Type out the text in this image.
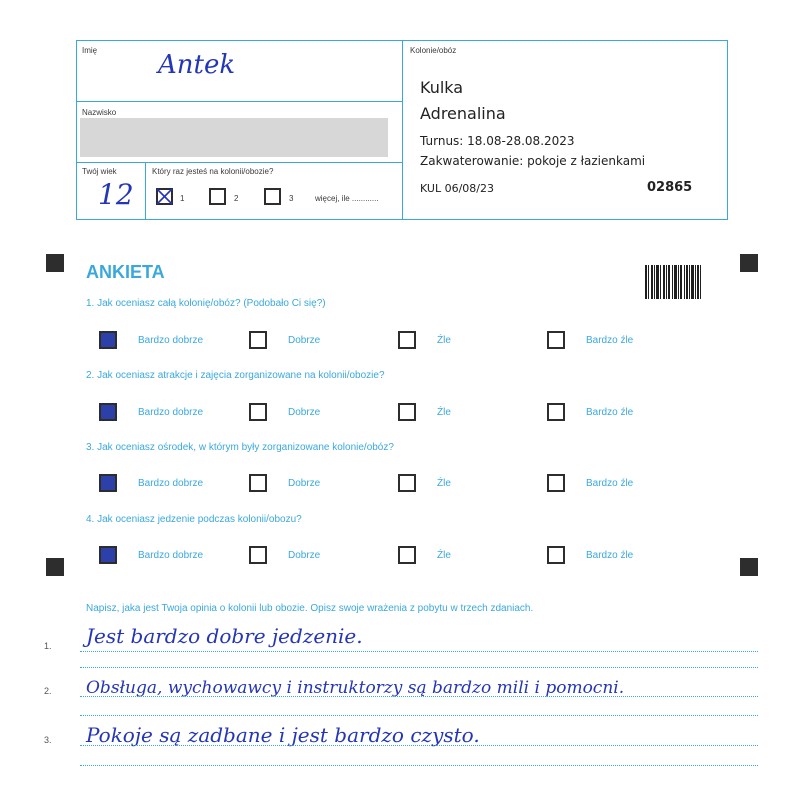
Imię Antek
Nazwisko
Twój wiek
12
Który raz jesteś na kolonii/obozie?
1	2	3	więcej, ile ............
Kolonie/obóz
Kulka
Adrenalina
Turnus: 18.08-28.08.2023
Zakwaterowanie: pokoje z łazienkami
KUL 06/08/23	02865
ANKIETA
1. Jak oceniasz całą kolonię/obóz? (Podobało Ci się?)
Bardzo dobrze	Dobrze	Źle	Bardzo źle
2. Jak oceniasz atrakcje i zajęcia zorganizowane na kolonii/obozie?
Bardzo dobrze	Dobrze	Źle	Bardzo źle
3. Jak oceniasz ośrodek, w którym były zorganizowane kolonie/obóz?
Bardzo dobrze	Dobrze	Źle	Bardzo źle
4. Jak oceniasz jedzenie podczas kolonii/obozu?
Bardzo dobrze	Dobrze	Źle	Bardzo źle
Napisz, jaka jest Twoja opinia o kolonii lub obozie. Opisz swoje wrażenia z pobytu w trzech zdaniach.
1. Jest bardzo dobre jedzenie.
2. Obsługa, wychowawcy i instruktorzy są bardzo mili i pomocni.
3. Pokoje są zadbane i jest bardzo czysto.
